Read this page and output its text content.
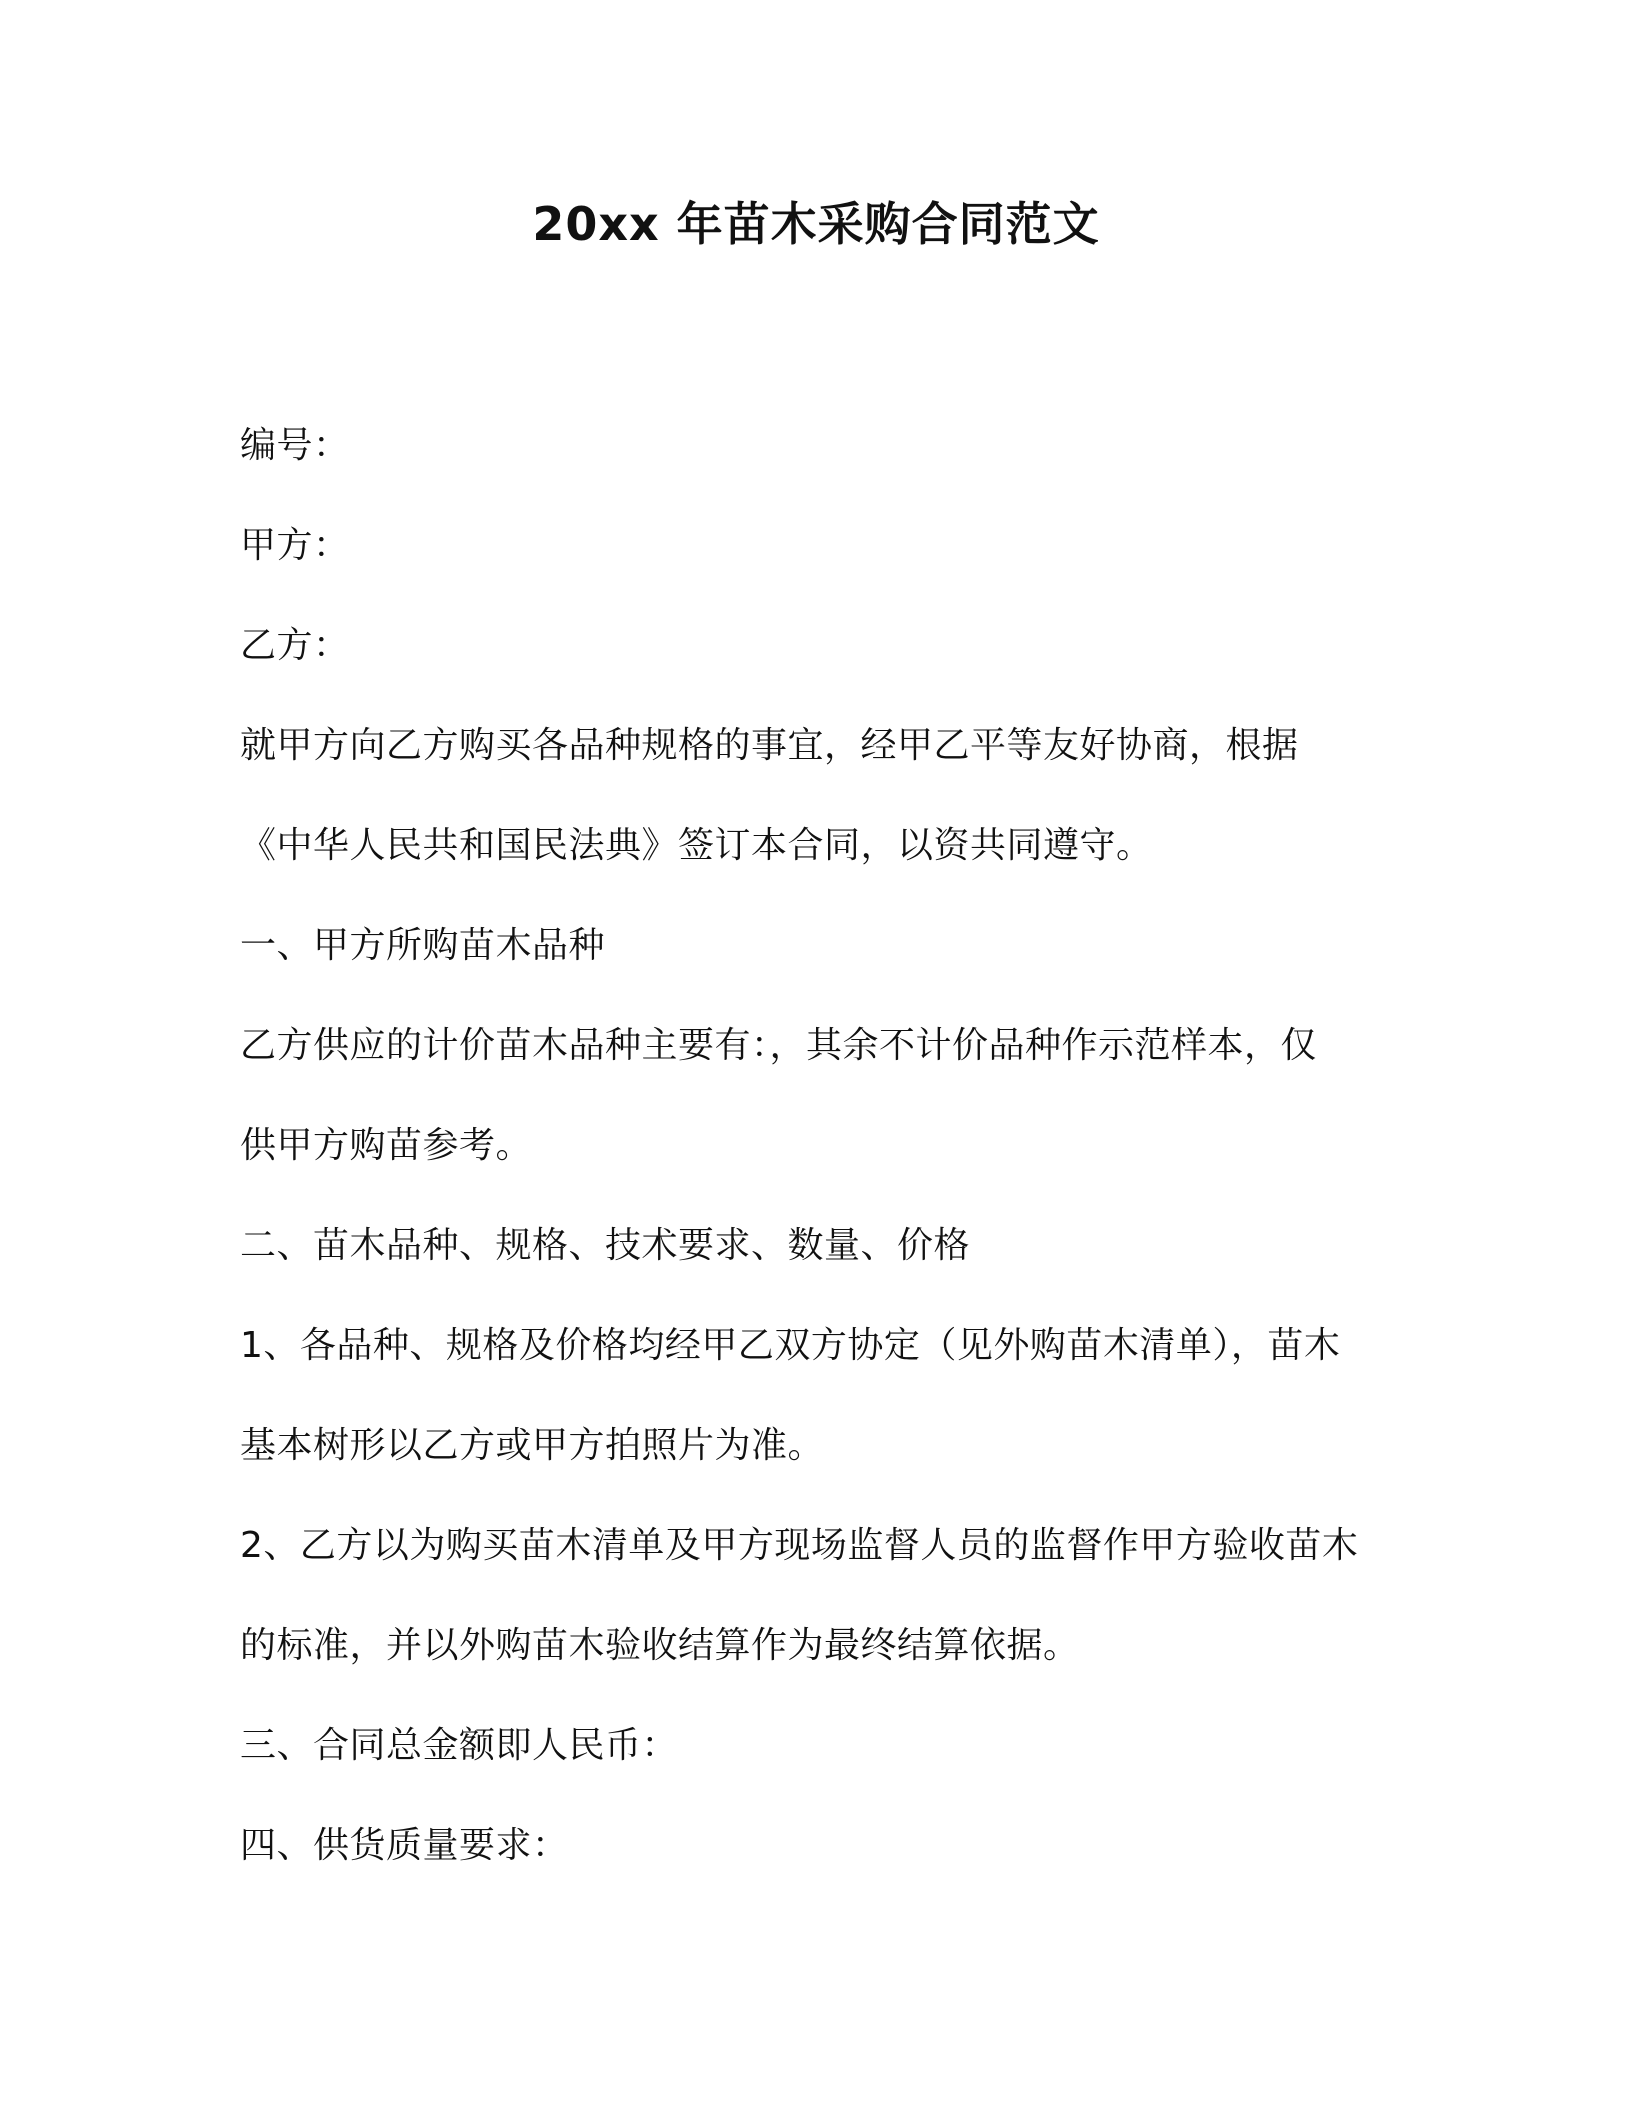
20xx 年苗木采购合同范文
编号：
甲方：
乙方：
就甲方向乙方购买各品种规格的事宜，经甲乙平等友好协商，根据
《中华人民共和国民法典》签订本合同，以资共同遵守。
一、甲方所购苗木品种
乙方供应的计价苗木品种主要有：，其余不计价品种作示范样本，仅
供甲方购苗参考。
二、苗木品种、规格、技术要求、数量、价格
1、各品种、规格及价格均经甲乙双方协定（见外购苗木清单），苗木
基本树形以乙方或甲方拍照片为准。
2、乙方以为购买苗木清单及甲方现场监督人员的监督作甲方验收苗木
的标准，并以外购苗木验收结算作为最终结算依据。
三、合同总金额即人民币：
四、供货质量要求：
